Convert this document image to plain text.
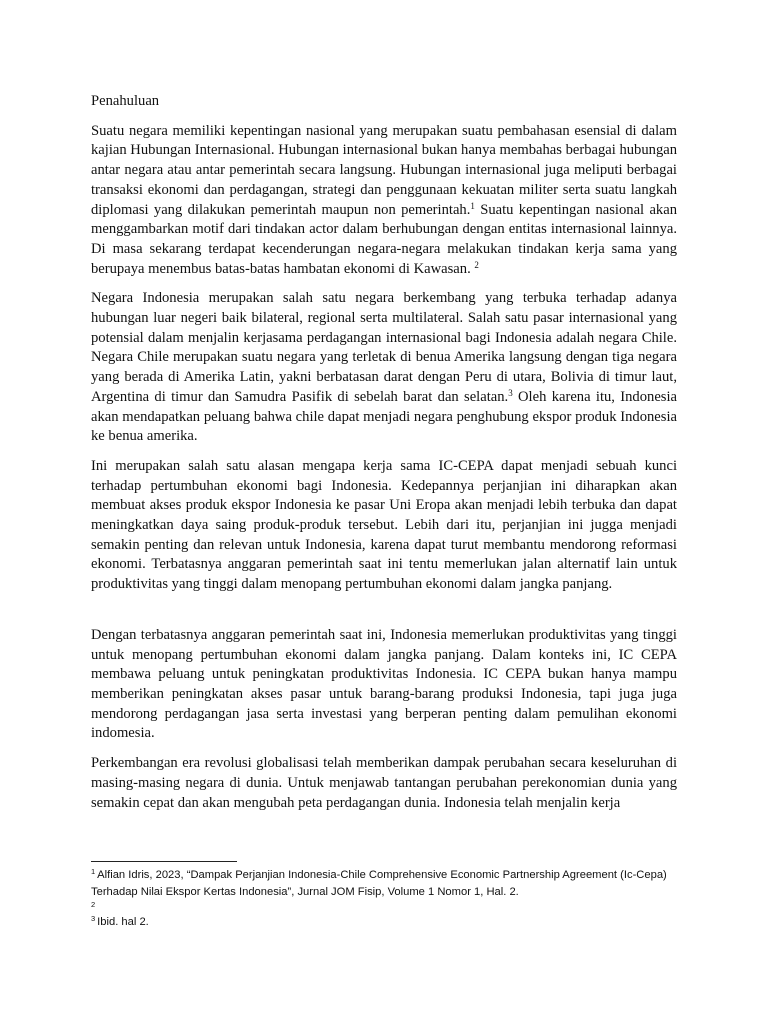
Penahuluan

Suatu negara memiliki kepentingan nasional yang merupakan suatu pembahasan esensial di dalam kajian Hubungan Internasional. Hubungan internasional bukan hanya membahas berbagai hubungan antar negara atau antar pemerintah secara langsung. Hubungan internasional juga meliputi berbagai transaksi ekonomi dan perdagangan, strategi dan penggunaan kekuatan militer serta suatu langkah diplomasi yang dilakukan pemerintah maupun non pemerintah.$^1$ Suatu kepentingan nasional akan menggambarkan motif dari tindakan actor dalam berhubungan dengan entitas internasional lainnya. Di masa sekarang terdapat kecenderungan negara-negara melakukan tindakan kerja sama yang berupaya menembus batas-batas hambatan ekonomi di Kawasan. $^2$

Negara Indonesia merupakan salah satu negara berkembang yang terbuka terhadap adanya hubungan luar negeri baik bilateral, regional serta multilateral. Salah satu pasar internasional yang potensial dalam menjalin kerjasama perdagangan internasional bagi Indonesia adalah negara Chile. Negara Chile merupakan suatu negara yang terletak di benua Amerika langsung dengan tiga negara yang berada di Amerika Latin, yakni berbatasan darat dengan Peru di utara, Bolivia di timur laut, Argentina di timur dan Samudra Pasifik di sebelah barat dan selatan.$^3$ Oleh karena itu, Indonesia akan mendapatkan peluang bahwa chile dapat menjadi negara penghubung ekspor produk Indonesia ke benua amerika.

Ini merupakan salah satu alasan mengapa kerja sama IC-CEPA dapat menjadi sebuah kunci terhadap pertumbuhan ekonomi bagi Indonesia. Kedepannya perjanjian ini diharapkan akan membuat akses produk ekspor Indonesia ke pasar Uni Eropa akan menjadi lebih terbuka dan dapat meningkatkan daya saing produk-produk tersebut. Lebih dari itu, perjanjian ini jugga menjadi semakin penting dan relevan untuk Indonesia, karena dapat turut membantu mendorong reformasi ekonomi. Terbatasnya anggaran pemerintah saat ini tentu memerlukan jalan alternatif lain untuk produktivitas yang tinggi dalam menopang pertumbuhan ekonomi dalam jangka panjang.

Dengan terbatasnya anggaran pemerintah saat ini, Indonesia memerlukan produktivitas yang tinggi untuk menopang pertumbuhan ekonomi dalam jangka panjang. Dalam konteks ini, IC CEPA membawa peluang untuk peningkatan produktivitas Indonesia. IC CEPA bukan hanya mampu memberikan peningkatan akses pasar untuk barang-barang produksi Indonesia, tapi juga juga mendorong perdagangan jasa serta investasi yang berperan penting dalam pemulihan ekonomi indomesia.

Perkembangan era revolusi globalisasi telah memberikan dampak perubahan secara keseluruhan di masing-masing negara di dunia. Untuk menjawab tantangan perubahan perekonomian dunia yang semakin cepat dan akan mengubah peta perdagangan dunia. Indonesia telah menjalin kerja

$^1$ Alfian Idris, 2023, “Dampak Perjanjian Indonesia-Chile Comprehensive Economic Partnership Agreement (Ic-Cepa) Terhadap Nilai Ekspor Kertas Indonesia”, Jurnal JOM Fisip, Volume 1 Nomor 1, Hal. 2.

$^2$

$^3$ Ibid. hal 2.
